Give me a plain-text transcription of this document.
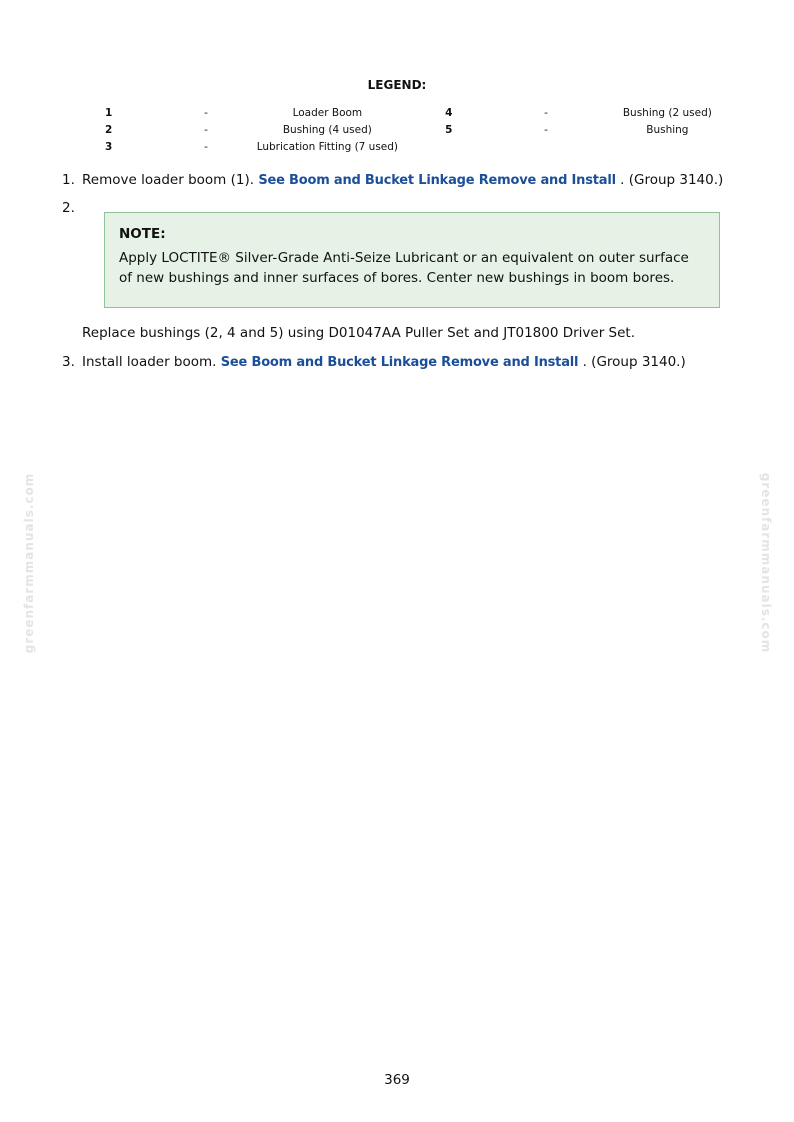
LEGEND:
1	-	Loader Boom	4	-	Bushing (2 used)
2	-	Bushing (4 used)	5	-	Bushing
3	-	Lubrication Fitting (7 used)			
1. Remove loader boom (1). See Boom and Bucket Linkage Remove and Install . (Group 3140.)
2.
NOTE:
Apply LOCTITE® Silver-Grade Anti-Seize Lubricant or an equivalent on outer surface of new bushings and inner surfaces of bores. Center new bushings in boom bores.
Replace bushings (2, 4 and 5) using D01047AA Puller Set and JT01800 Driver Set.
3. Install loader boom. See Boom and Bucket Linkage Remove and Install . (Group 3140.)
greenfarmmanuals.com	greenfarmmanuals.com
369
